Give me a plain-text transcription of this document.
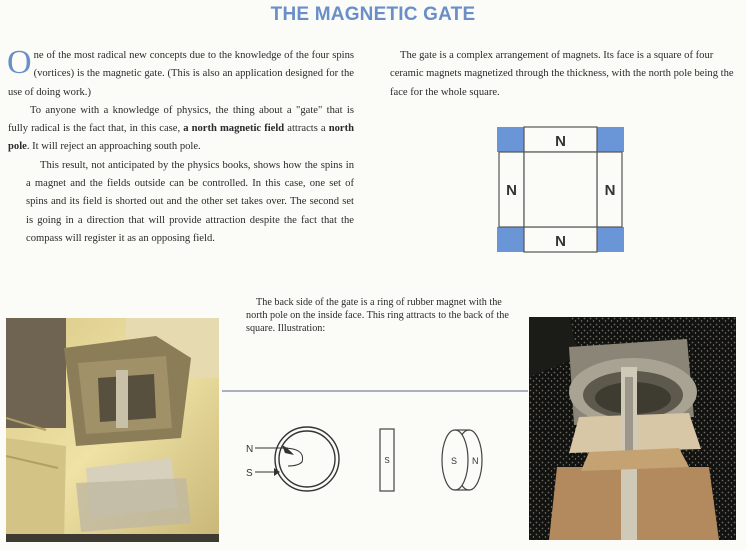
THE MAGNETIC GATE

One of the most radical new concepts due to the knowledge of the four spins (vortices) is the magnetic gate. (This is also an application designed for the use of doing work.)

To anyone with a knowledge of physics, the thing about a "gate" that is fully radical is the fact that, in this case, a north magnetic field attracts a north pole. It will reject an approaching south pole.

This result, not anticipated by the physics books, shows how the spins in a magnet and the fields outside can be controlled. In this case, one set of spins and its field is shorted out and the other set takes over. The second set is going in a direction that will provide attraction despite the fact that the compass will register it as an opposing field.

The gate is a complex arrangement of magnets. Its face is a square of four ceramic magnets magnetized through the thickness, with the north pole being the face for the whole square.

N
N
N	N

The back side of the gate is a ring of rubber magnet with the north pole on the inside face. This ring attracts to the back of the square. Illustration:

N
S
S	S N
